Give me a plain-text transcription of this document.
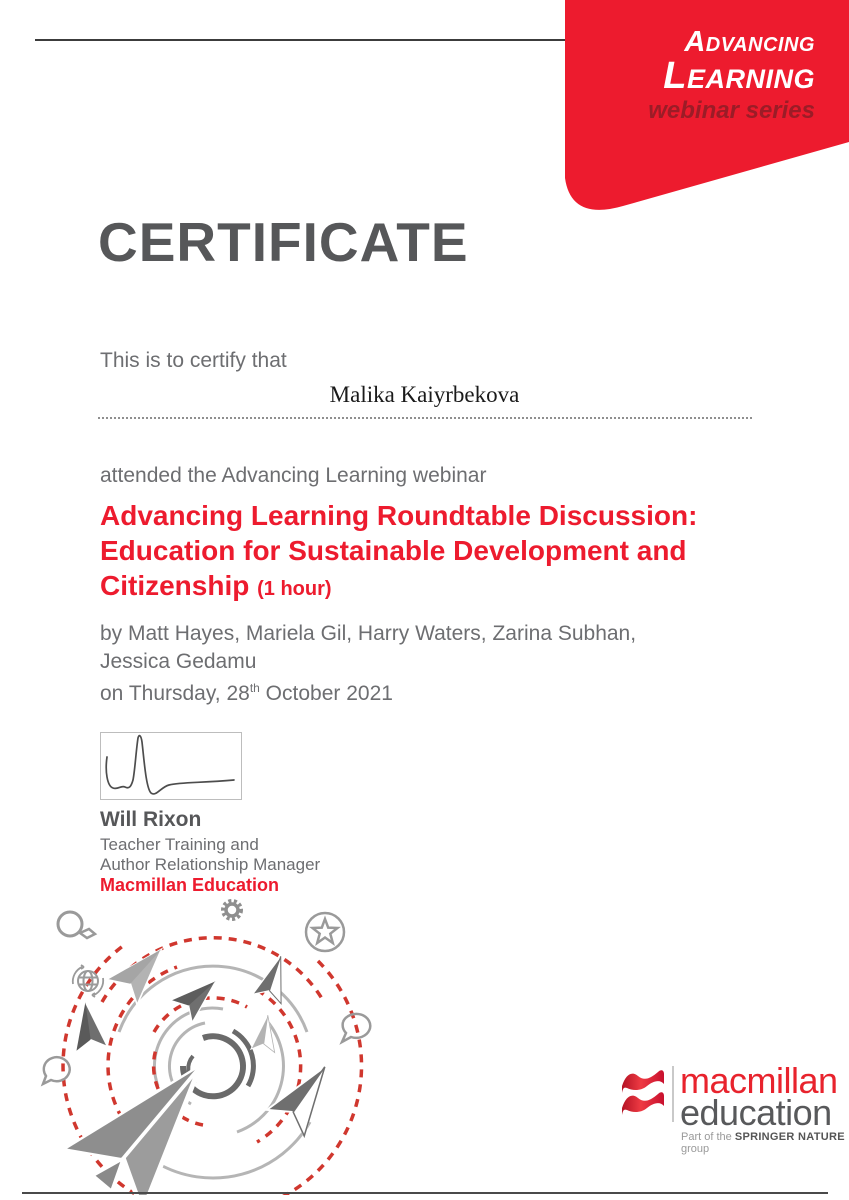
Advancing
Learning
webinar series
CERTIFICATE
This is to certify that
Malika Kaiyrbekova
attended the Advancing Learning webinar
Advancing Learning Roundtable Discussion:
Education for Sustainable Development and
Citizenship (1 hour)
by Matt Hayes, Mariela Gil, Harry Waters, Zarina Subhan,
Jessica Gedamu
on Thursday, 28th October 2021
Will Rixon
Teacher Training and
Author Relationship Manager
Macmillan Education
macmillan
education
Part of the SPRINGER NATURE group
